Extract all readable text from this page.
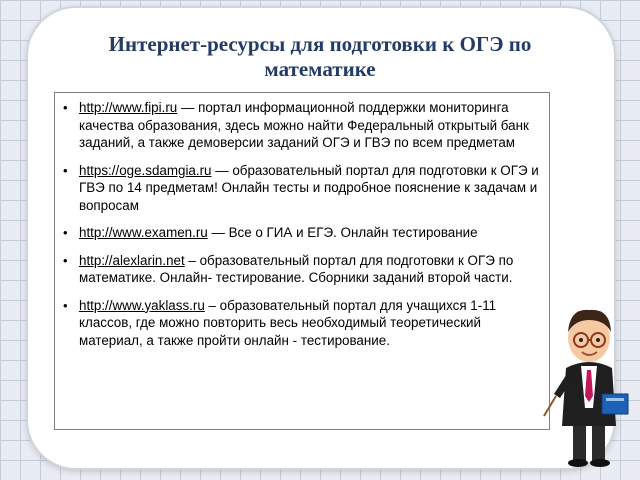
Интернет-ресурсы для подготовки к ОГЭ по математике
• http://www.fipi.ru — портал информационной поддержки мониторинга качества образования, здесь можно найти Федеральный открытый банк заданий, а также демоверсии заданий ОГЭ и ГВЭ по всем предметам
• https://oge.sdamgia.ru — образовательный портал для подготовки к ОГЭ и ГВЭ по 14 предметам! Онлайн тесты и подробное пояснение к задачам и вопросам
• http://www.examen.ru — Все о ГИА и ЕГЭ. Онлайн тестирование
• http://alexlarin.net – образовательный портал для подготовки к ОГЭ по математике. Онлайн- тестирование. Сборники заданий второй части.
• http://www.yaklass.ru – образовательный портал для учащихся 1-11 классов, где можно повторить весь необходимый теоретический материал, а также пройти онлайн - тестирование.
